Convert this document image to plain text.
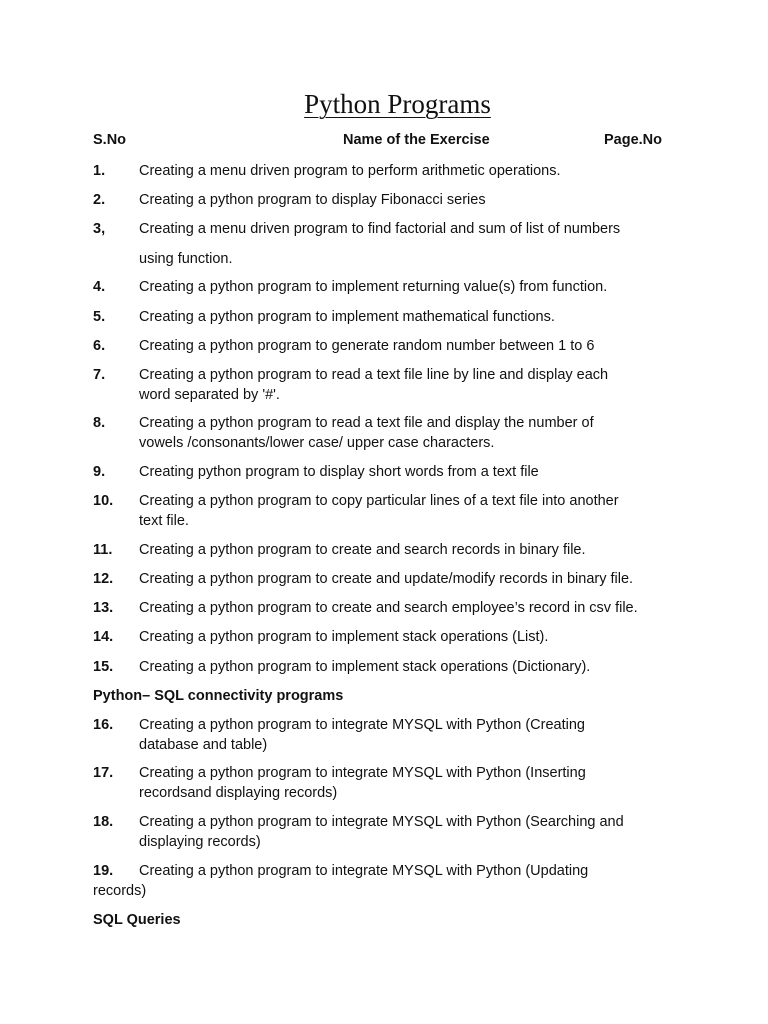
Python Programs
S.No	Name of the Exercise	Page.No
1. Creating a menu driven program to perform arithmetic operations.
2. Creating a python program to display Fibonacci series
3, Creating a menu driven program to find factorial and sum of list of numbers
using function.
4. Creating a python program to implement returning value(s) from function.
5. Creating a python program to implement mathematical functions.
6. Creating a python program to generate random number between 1 to 6
7. Creating a python program to read a text file line by line and display each
word separated by '#'.
8. Creating a python program to read a text file and display the number of
vowels /consonants/lower case/ upper case characters.
9. Creating python program to display short words from a text file
10. Creating a python program to copy particular lines of a text file into another
text file.
11. Creating a python program to create and search records in binary file.
12. Creating a python program to create and update/modify records in binary file.
13. Creating a python program to create and search employee’s record in csv file.
14. Creating a python program to implement stack operations (List).
15. Creating a python program to implement stack operations (Dictionary).
Python– SQL connectivity programs
16. Creating a python program to integrate MYSQL with Python (Creating
database and table)
17. Creating a python program to integrate MYSQL with Python (Inserting
recordsand displaying records)
18. Creating a python program to integrate MYSQL with Python (Searching and
displaying records)
19. Creating a python program to integrate MYSQL with Python (Updating
records)
SQL Queries
